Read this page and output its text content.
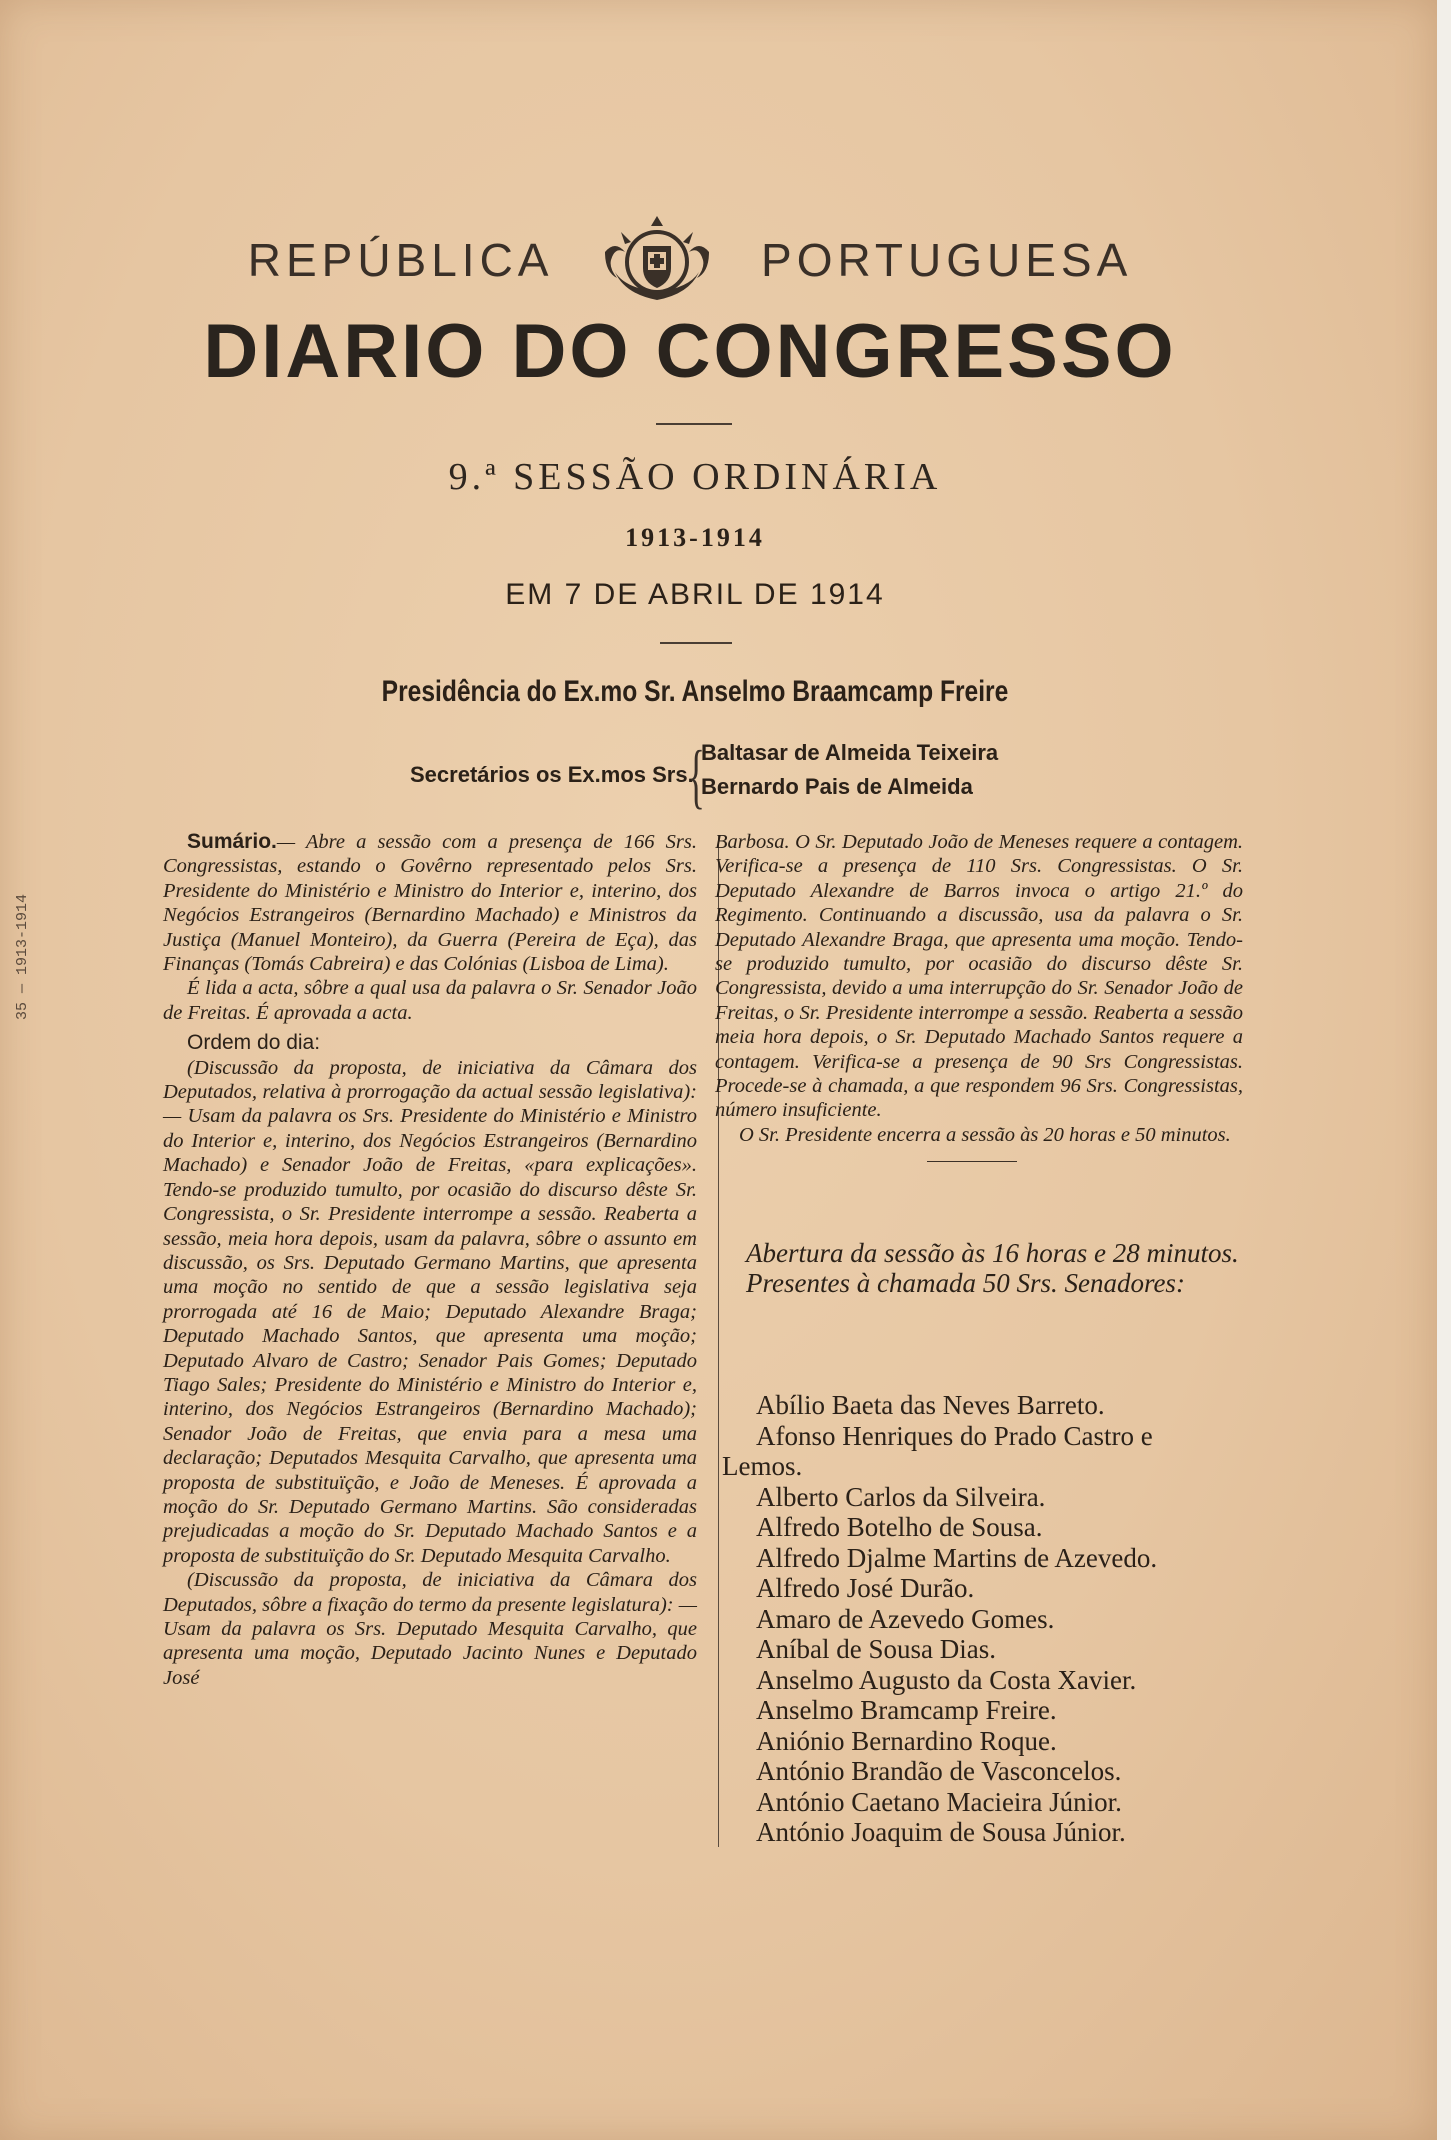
REPÚBLICA	PORTUGUESA
DIARIO DO CONGRESSO
9.ª SESSÃO ORDINÁRIA
1913-1914
EM 7 DE ABRIL DE 1914
Presidência do Ex.mo Sr. Anselmo Braamcamp Freire
Secretários os Ex.mos Srs.
{
Baltasar de Almeida Teixeira
Bernardo Pais de Almeida

Sumário.— Abre a sessão com a presença de 166 Srs. Congressistas, estando o Govêrno representado pelos Srs. Presidente do Ministério e Ministro do Interior e, interino, dos Negócios Estrangeiros (Bernardino Machado) e Ministros da Justiça (Manuel Monteiro), da Guerra (Pereira de Eça), das Finanças (Tomás Cabreira) e das Colónias (Lisboa de Lima).

É lida a acta, sôbre a qual usa da palavra o Sr. Senador João de Freitas. É aprovada a acta.

Ordem do dia:

(Discussão da proposta, de iniciativa da Câmara dos Deputados, relativa à prorrogação da actual sessão legislativa): — Usam da palavra os Srs. Presidente do Ministério e Ministro do Interior e, interino, dos Negócios Estrangeiros (Bernardino Machado) e Senador João de Freitas, «para explicações». Tendo-se produzido tumulto, por ocasião do discurso dêste Sr. Congressista, o Sr. Presidente interrompe a sessão. Reaberta a sessão, meia hora depois, usam da palavra, sôbre o assunto em discussão, os Srs. Deputado Germano Martins, que apresenta uma moção no sentido de que a sessão legislativa seja prorrogada até 16 de Maio; Deputado Alexandre Braga; Deputado Machado Santos, que apresenta uma moção; Deputado Alvaro de Castro; Senador Pais Gomes; Deputado Tiago Sales; Presidente do Ministério e Ministro do Interior e, interino, dos Negócios Estrangeiros (Bernardino Machado); Senador João de Freitas, que envia para a mesa uma declaração; Deputados Mesquita Carvalho, que apresenta uma proposta de substituïção, e João de Meneses. É aprovada a moção do Sr. Deputado Germano Martins. São consideradas prejudicadas a moção do Sr. Deputado Machado Santos e a proposta de substituïção do Sr. Deputado Mesquita Carvalho.

(Discussão da proposta, de iniciativa da Câmara dos Deputados, sôbre a fixação do termo da presente legislatura): — Usam da palavra os Srs. Deputado Mesquita Carvalho, que apresenta uma moção, Deputado Jacinto Nunes e Deputado José

Barbosa. O Sr. Deputado João de Meneses requere a contagem. Verifica-se a presença de 110 Srs. Congressistas. O Sr. Deputado Alexandre de Barros invoca o artigo 21.º do Regimento. Continuando a discussão, usa da palavra o Sr. Deputado Alexandre Braga, que apresenta uma moção. Tendo-se produzido tumulto, por ocasião do discurso dêste Sr. Congressista, devido a uma interrupção do Sr. Senador João de Freitas, o Sr. Presidente interrompe a sessão. Reaberta a sessão meia hora depois, o Sr. Deputado Machado Santos requere a contagem. Verifica-se a presença de 90 Srs Congressistas. Procede-se à chamada, a que respondem 96 Srs. Congressistas, número insuficiente.

O Sr. Presidente encerra a sessão às 20 horas e 50 minutos.

Abertura da sessão às 16 horas e 28 minutos.

Presentes à chamada 50 Srs. Senadores:

Abílio Baeta das Neves Barreto.
Afonso Henriques do Prado Castro e
Lemos.
Alberto Carlos da Silveira.
Alfredo Botelho de Sousa.
Alfredo Djalme Martins de Azevedo.
Alfredo José Durão.
Amaro de Azevedo Gomes.
Aníbal de Sousa Dias.
Anselmo Augusto da Costa Xavier.
Anselmo Bramcamp Freire.
Aniónio Bernardino Roque.
António Brandão de Vasconcelos.
António Caetano Macieira Júnior.
António Joaquim de Sousa Júnior.
